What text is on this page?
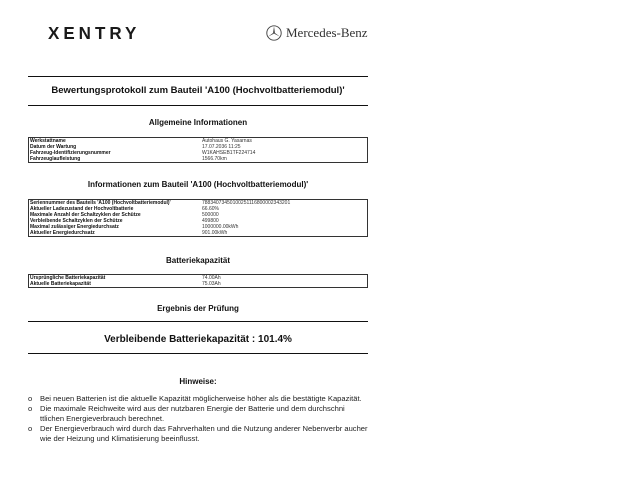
XENTRY	Mercedes-Benz
Bewertungsprotokoll zum Bauteil 'A100 (Hochvoltbatteriemodul)'
Allgemeine Informationen
Werkstattname	Autohaus G. Yasarnas
Datum der Wartung	17.07.2036 11:25
Fahrzeug-Identifizierungsnummer	W1KAHSEB1TF224714
Fahrzeuglaufleistung	1566.70km
Informationen zum Bauteil 'A100 (Hochvoltbatteriemodul)'
Seriennummer des Bauteils 'A100 (Hochvoltbatteriemodul)'	78834073450100251116800002343201
Aktueller Ladezustand der Hochvoltbatterie	66.60%
Maximale Anzahl der Schaltzyklen der Schütze	500000
Verbleibende Schaltzyklen der Schütze	499800
Maximal zulässiger Energiedurchsatz	1000000.00kWh
Aktueller Energiedurchsatz	901.00kWh
Batteriekapazität
Ursprüngliche Batteriekapazität	74.00Ah
Aktuelle Batteriekapazität	75.03Ah
Ergebnis der Prüfung
Verbleibende Batteriekapazität : 101.4%
Hinweise:
o Bei neuen Batterien ist die aktuelle Kapazität möglicherweise höher als die bestätigte Kapazität.
o Die maximale Reichweite wird aus der nutzbaren Energie der Batterie und dem durchschni ttlichen Energieverbrauch berechnet.
o Der Energieverbrauch wird durch das Fahrverhalten und die Nutzung anderer Nebenverbr aucher wie der Heizung und Klimatisierung beeinflusst.
